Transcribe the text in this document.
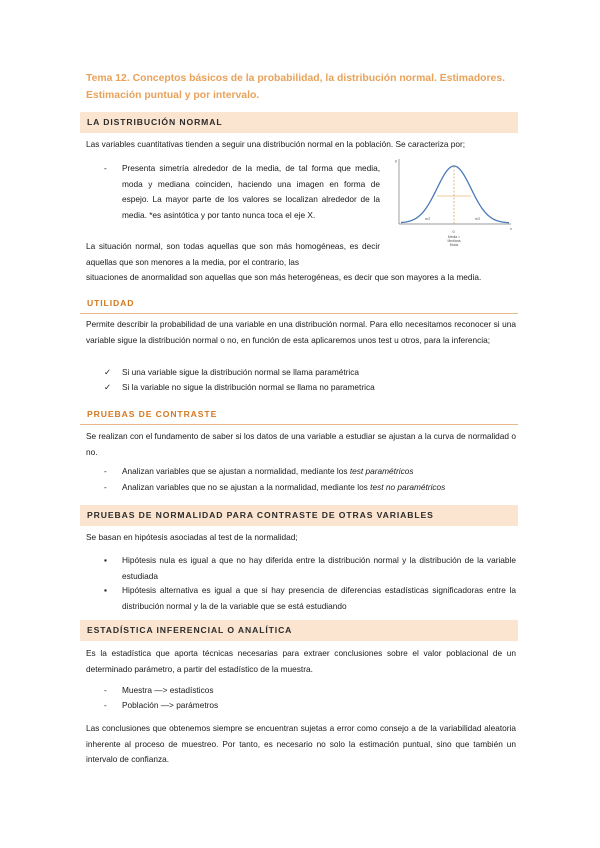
Tema 12. Conceptos básicos de la probabilidad, la distribución normal. Estimadores. Estimación puntual y por intervalo.
LA DISTRIBUCIÓN NORMAL
Las variables cuantitativas tienden a seguir una distribución normal en la población. Se caracteriza por;
- Presenta simetría alrededor de la media, de tal forma que media, moda y mediana coinciden, haciendo una imagen en forma de espejo. La mayor parte de los valores se localizan alrededor de la media. *es asintótica y por tanto nunca toca el eje X.
y
x
σ/2	σ/2
0
Media =
Mediana
Moda
La situación normal, son todas aquellas que son más homogéneas, es decir aquellas que son menores a la media, por el contrario, las
situaciones de anormalidad son aquellas que son más heterogéneas, es decir que son mayores a la media.
UTILIDAD
Permite describir la probabilidad de una variable en una distribución normal. Para ello necesitamos reconocer si una variable sigue la distribución normal o no, en función de esta aplicaremos unos test u otros, para la inferencia;
✓ Si una variable sigue la distribución normal se llama paramétrica
✓ Si la variable no sigue la distribución normal se llama no parametrica
PRUEBAS DE CONTRASTE
Se realizan con el fundamento de saber si los datos de una variable a estudiar se ajustan a la curva de normalidad o no.
- Analizan variables que se ajustan a normalidad, mediante los test paramétricos
- Analizan variables que no se ajustan a la normalidad, mediante los test no paramétricos
PRUEBAS DE NORMALIDAD PARA CONTRASTE DE OTRAS VARIABLES
Se basan en hipótesis asociadas al test de la normalidad;
▪ Hipótesis nula es igual a que no hay diferida entre la distribución normal y la distribución de la variable estudiada
▪ Hipótesis alternativa es igual a que si hay presencia de diferencias estadísticas significadoras entre la distribución normal y la de la variable que se está estudiando
ESTADÍSTICA INFERENCIAL O ANALÍTICA
Es la estadística que aporta técnicas necesarias para extraer conclusiones sobre el valor poblacional de un determinado parámetro, a partir del estadístico de la muestra.
- Muestra —> estadísticos
- Población —> parámetros
Las conclusiones que obtenemos siempre se encuentran sujetas a error como consejo a de la variabilidad aleatoria inherente al proceso de muestreo. Por tanto, es necesario no solo la estimación puntual, sino que también un intervalo de confianza.
